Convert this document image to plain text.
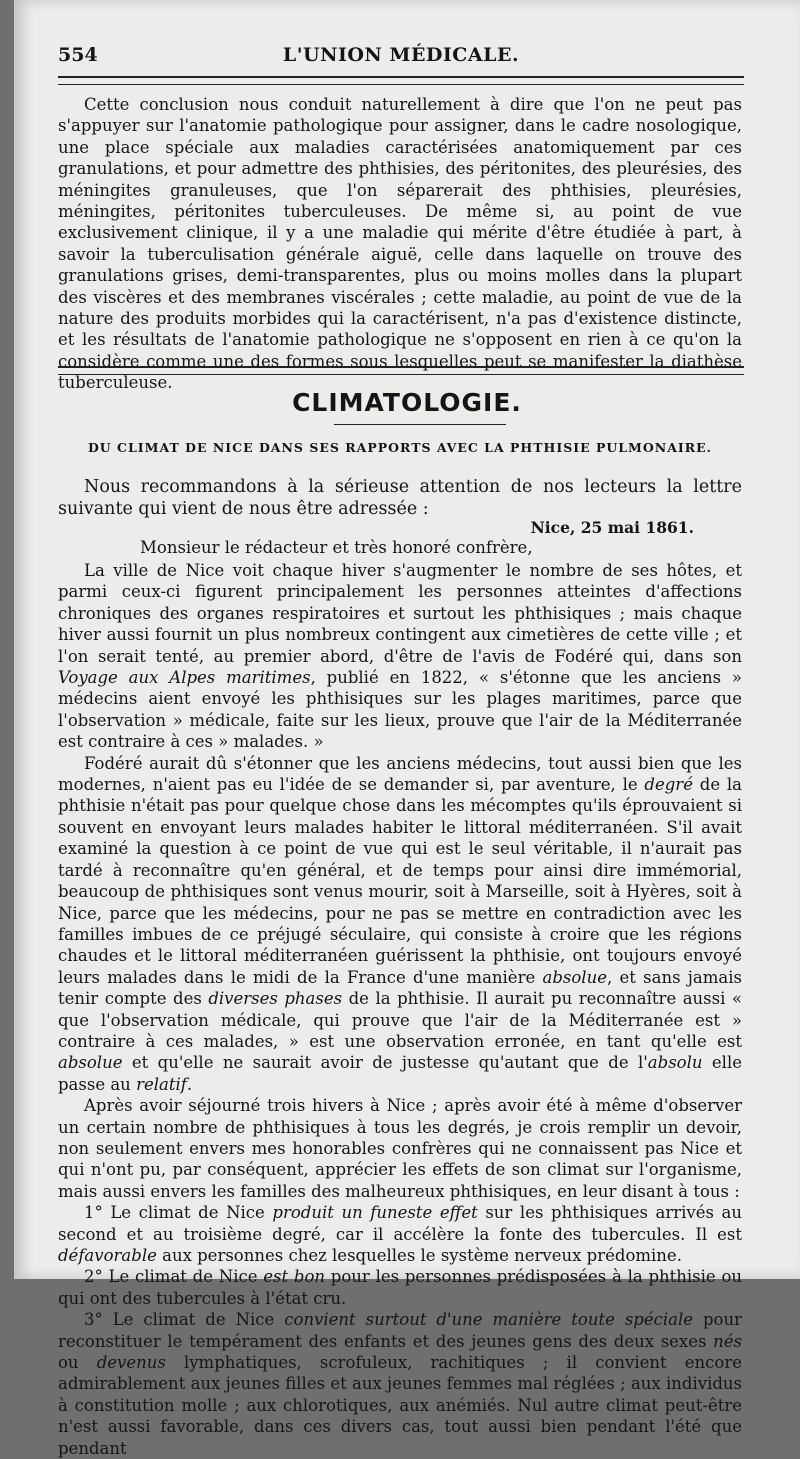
554	L'UNION MÉDICALE.

Cette conclusion nous conduit naturellement à dire que l'on ne peut pas s'appuyer sur l'anatomie pathologique pour assigner, dans le cadre nosologique, une place spéciale aux maladies caractérisées anatomiquement par ces granulations, et pour admettre des phthisies, des péritonites, des pleurésies, des méningites granuleuses, que l'on séparerait des phthisies, pleurésies, méningites, péritonites tuberculeuses. De même si, au point de vue exclusivement clinique, il y a une maladie qui mérite d'être étudiée à part, à savoir la tuberculisation générale aiguë, celle dans laquelle on trouve des granulations grises, demi-transparentes, plus ou moins molles dans la plupart des viscères et des membranes viscérales ; cette maladie, au point de vue de la nature des produits morbides qui la caractérisent, n'a pas d'existence distincte, et les résultats de l'anatomie pathologique ne s'opposent en rien à ce qu'on la considère comme une des formes sous lesquelles peut se manifester la diathèse tuberculeuse.

CLIMATOLOGIE.
DU CLIMAT DE NICE DANS SES RAPPORTS AVEC LA PHTHISIE PULMONAIRE.

Nous recommandons à la sérieuse attention de nos lecteurs la lettre suivante qui vient de nous être adressée :

Nice, 25 mai 1861.
Monsieur le rédacteur et très honoré confrère,

La ville de Nice voit chaque hiver s'augmenter le nombre de ses hôtes, et parmi ceux-ci figurent principalement les personnes atteintes d'affections chroniques des organes respiratoires et surtout les phthisiques ; mais chaque hiver aussi fournit un plus nombreux contingent aux cimetières de cette ville ; et l'on serait tenté, au premier abord, d'être de l'avis de Fodéré qui, dans son Voyage aux Alpes maritimes, publié en 1822, « s'étonne que les anciens » médecins aient envoyé les phthisiques sur les plages maritimes, parce que l'observation » médicale, faite sur les lieux, prouve que l'air de la Méditerranée est contraire à ces » malades. »

Fodéré aurait dû s'étonner que les anciens médecins, tout aussi bien que les modernes, n'aient pas eu l'idée de se demander si, par aventure, le degré de la phthisie n'était pas pour quelque chose dans les mécomptes qu'ils éprouvaient si souvent en envoyant leurs malades habiter le littoral méditerranéen. S'il avait examiné la question à ce point de vue qui est le seul véritable, il n'aurait pas tardé à reconnaître qu'en général, et de temps pour ainsi dire immémorial, beaucoup de phthisiques sont venus mourir, soit à Marseille, soit à Hyères, soit à Nice, parce que les médecins, pour ne pas se mettre en contradiction avec les familles imbues de ce préjugé séculaire, qui consiste à croire que les régions chaudes et le littoral méditerranéen guérissent la phthisie, ont toujours envoyé leurs malades dans le midi de la France d'une manière absolue, et sans jamais tenir compte des diverses phases de la phthisie. Il aurait pu reconnaître aussi « que l'observation médicale, qui prouve que l'air de la Méditerranée est » contraire à ces malades, » est une observation erronée, en tant qu'elle est absolue et qu'elle ne saurait avoir de justesse qu'autant que de l'absolu elle passe au relatif.

Après avoir séjourné trois hivers à Nice ; après avoir été à même d'observer un certain nombre de phthisiques à tous les degrés, je crois remplir un devoir, non seulement envers mes honorables confrères qui ne connaissent pas Nice et qui n'ont pu, par conséquent, apprécier les effets de son climat sur l'organisme, mais aussi envers les familles des malheureux phthisiques, en leur disant à tous :

1° Le climat de Nice produit un funeste effet sur les phthisiques arrivés au second et au troisième degré, car il accélère la fonte des tubercules. Il est défavorable aux personnes chez lesquelles le système nerveux prédomine.

2° Le climat de Nice est bon pour les personnes prédisposées à la phthisie ou qui ont des tubercules à l'état cru.

3° Le climat de Nice convient surtout d'une manière toute spéciale pour reconstituer le tempérament des enfants et des jeunes gens des deux sexes nés ou devenus lymphatiques, scrofuleux, rachitiques ; il convient encore admirablement aux jeunes filles et aux jeunes femmes mal réglées ; aux individus à constitution molle ; aux chlorotiques, aux anémiés. Nul autre climat peut-être n'est aussi favorable, dans ces divers cas, tout aussi bien pendant l'été que pendant
